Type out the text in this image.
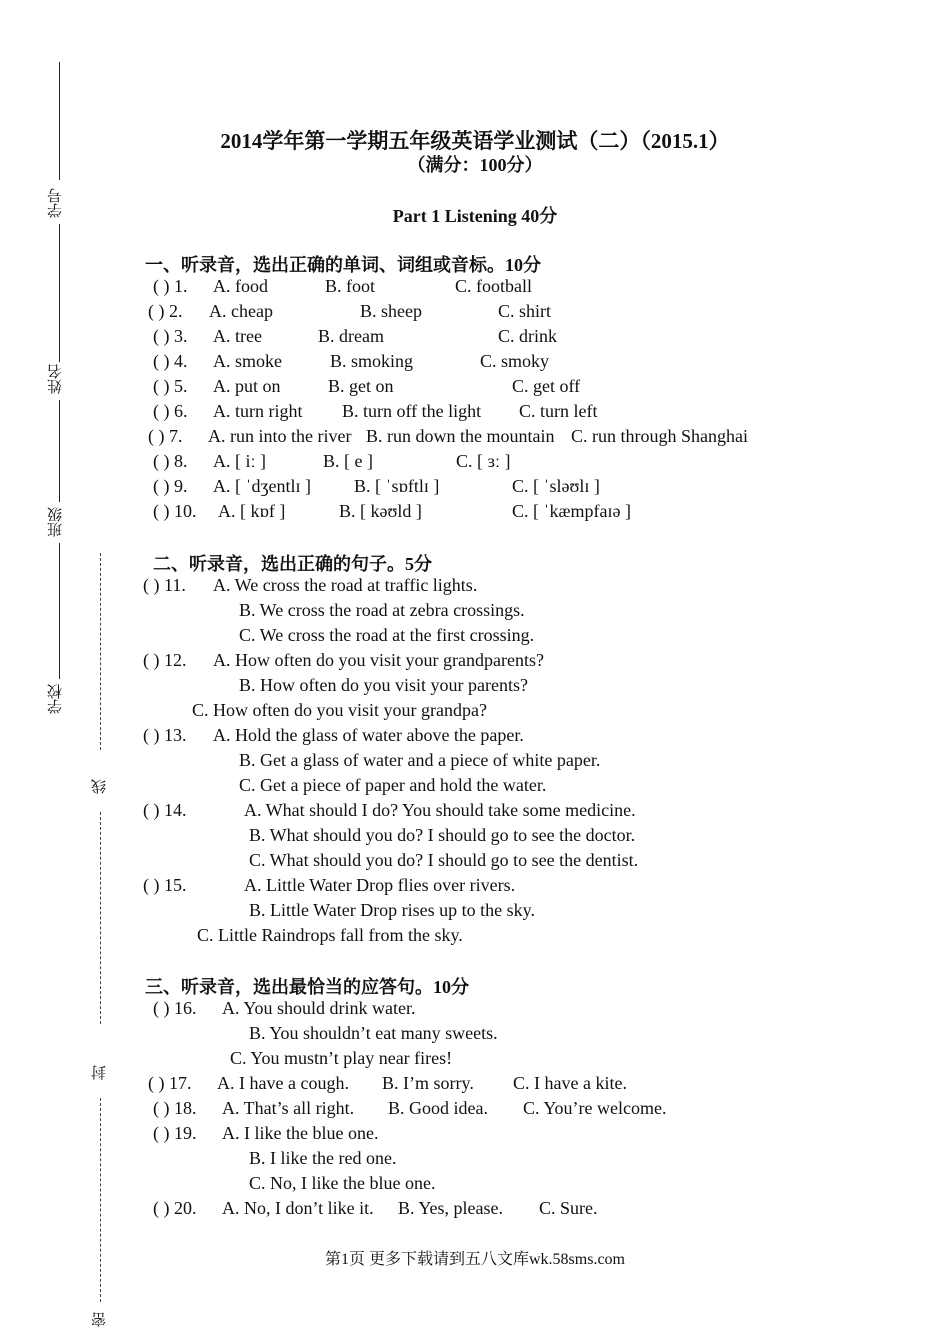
学号
姓名
班级
学校
线
封
密
2014学年第一学期五年级英语学业测试（二）（2015.1）
（满分：100分）
Part 1 Listening 40分
一、听录音，选出正确的单词、词组或音标。10分
( ) 1. A. food	B. foot	C. football
( ) 2. A. cheap	B. sheep	C. shirt
( ) 3. A. tree	B. dream	C. drink
( ) 4. A. smoke	B. smoking	C. smoky
( ) 5. A. put on	B. get on	C. get off
( ) 6. A. turn right B. turn off the light C. turn left
( ) 7. A. run into the river B. run down the mountain C. run through Shanghai
( ) 8. A. [ iː ]	B. [ e ]	C. [ ɜː ]
( ) 9. A. [ ˈdʒentlɪ ] B. [ ˈsɒftlɪ ]	C. [ ˈsləʊlɪ ]
( ) 10. A. [ kɒf ]	B. [ kəʊld ]	C. [ ˈkæmpfaɪə ]
二、听录音，选出正确的句子。5分
( ) 11. A. We cross the road at traffic lights.
B. We cross the road at zebra crossings.
C. We cross the road at the first crossing.
( ) 12. A. How often do you visit your grandparents?
B. How often do you visit your parents?
C. How often do you visit your grandpa?
( ) 13. A. Hold the glass of water above the paper.
B. Get a glass of water and a piece of white paper.
C. Get a piece of paper and hold the water.
( ) 14.	A. What should I do? You should take some medicine.
B. What should you do? I should go to see the doctor.
C. What should you do? I should go to see the dentist.
( ) 15.	A. Little Water Drop flies over rivers.
B. Little Water Drop rises up to the sky.
C. Little Raindrops fall from the sky.
三、听录音，选出最恰当的应答句。10分
( ) 16. A. You should drink water.
B. You shouldn’t eat many sweets.
C. You mustn’t play near fires!
( ) 17. A. I have a cough. B. I’m sorry. C. I have a kite.
( ) 18. A. That’s all right. B. Good idea. C. You’re welcome.
( ) 19. A. I like the blue one.
B. I like the red one.
C. No, I like the blue one.
( ) 20. A. No, I don’t like it. B. Yes, please. C. Sure.
第1页 更多下载请到五八文库wk.58sms.com
